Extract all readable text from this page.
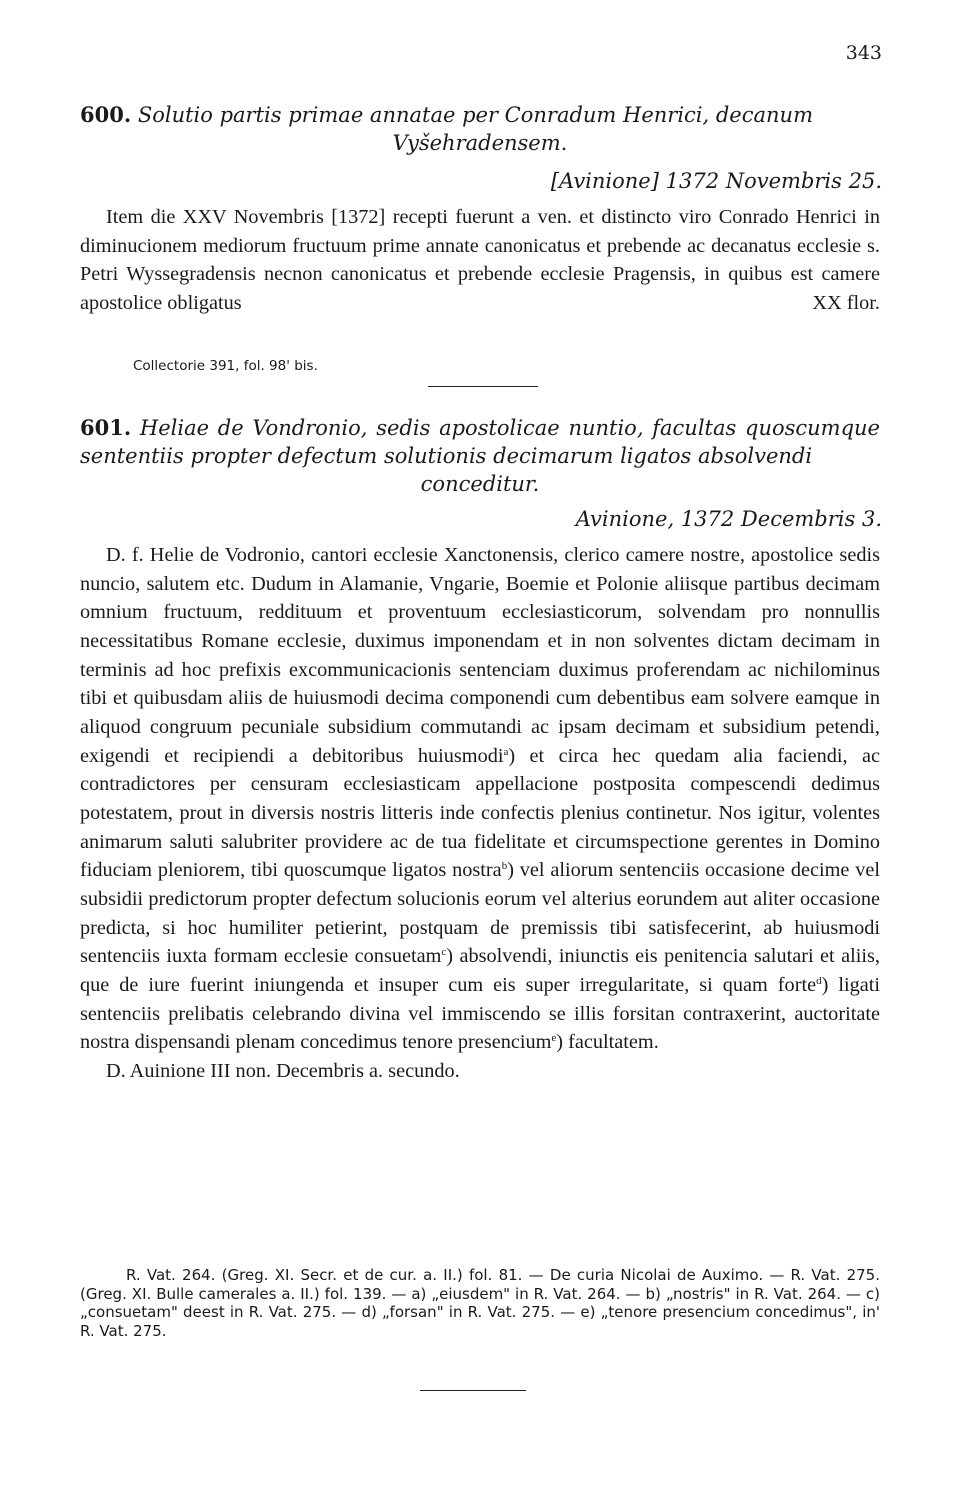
343
600. Solutio partis primae annatae per Conradum Henrici, decanum
Vyšehradensem.
[Avinione] 1372 Novembris 25.

Item die XXV Novembris [1372] recepti fuerunt a ven. et distincto viro Conrado Henrici in diminucionem mediorum fructuum prime annate canonicatus et prebende ac decanatus ecclesie s. Petri Wyssegradensis necnon canonicatus et prebende ecclesie Pragensis, in quibus est camere apostolice obligatus	XX flor.

Collectorie 391, fol. 98' bis.
601. Heliae de Vondronio, sedis apostolicae nuntio, facultas quoscumque sententiis propter defectum solutionis decimarum ligatos absolvendi
conceditur.
Avinione, 1372 Decembris 3.

D. f. Helie de Vodronio, cantori ecclesie Xanctonensis, clerico camere nostre, apostolice sedis nuncio, salutem etc. Dudum in Alamanie, Vngarie, Boemie et Polonie aliisque partibus decimam omnium fructuum, reddituum et proventuum ecclesiasticorum, solvendam pro nonnullis necessitatibus Romane ecclesie, duximus imponendam et in non solventes dictam decimam in terminis ad hoc prefixis excommunicacionis sentenciam duximus proferendam ac nichilominus tibi et quibusdam aliis de huiusmodi decima componendi cum debentibus eam solvere eamque in aliquod congruum pecuniale subsidium commutandi ac ipsam decimam et subsidium petendi, exigendi et recipiendi a debitoribus huiusmodi$^a$) et circa hec quedam alia faciendi, ac contradictores per censuram ecclesiasticam appellacione postposita compescendi dedimus potestatem, prout in diversis nostris litteris inde confectis plenius continetur. Nos igitur, volentes animarum saluti salubriter providere ac de tua fidelitate et circumspectione gerentes in Domino fiduciam pleniorem, tibi quoscumque ligatos nostra$^b$) vel aliorum sentenciis occasione decime vel subsidii predictorum propter defectum solucionis eorum vel alterius eorundem aut aliter occasione predicta, si hoc humiliter petierint, postquam de premissis tibi satisfecerint, ab huiusmodi sentenciis iuxta formam ecclesie consuetam$^c$) absolvendi, iniunctis eis penitencia salutari et aliis, que de iure fuerint iniungenda et insuper cum eis super irregularitate, si quam forte$^d$) ligati sentenciis prelibatis celebrando divina vel immiscendo se illis forsitan contraxerint, auctoritate nostra dispensandi plenam concedimus tenore presencium$^e$) facultatem.

D. Auinione III non. Decembris a. secundo.

R. Vat. 264. (Greg. XI. Secr. et de cur. a. II.) fol. 81. — De curia Nicolai de Auximo. — R. Vat. 275. (Greg. XI. Bulle camerales a. II.) fol. 139. — a) „eiusdem" in R. Vat. 264. — b) „nostris" in R. Vat. 264. — c) „consuetam" deest in R. Vat. 275. — d) „forsan" in R. Vat. 275. — e) „tenore presencium concedimus", in' R. Vat. 275.
